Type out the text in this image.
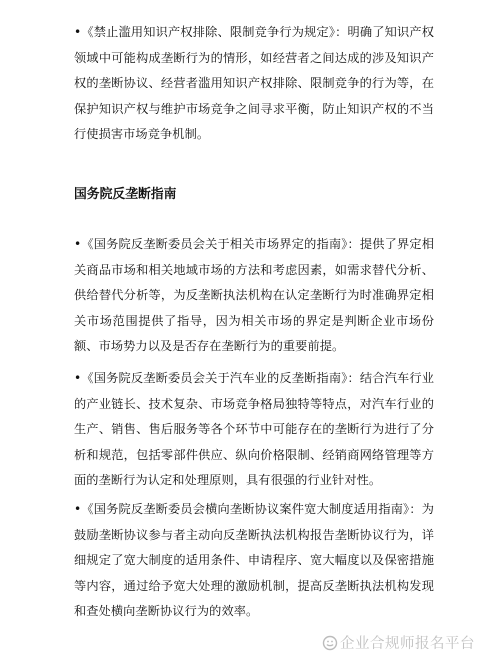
•《禁止滥用知识产权排除、限制竞争行为规定》：明确了知识产权领域中可能构成垄断行为的情形，如经营者之间达成的涉及知识产权的垄断协议、经营者滥用知识产权排除、限制竞争的行为等，在保护知识产权与维护市场竞争之间寻求平衡，防止知识产权的不当行使损害市场竞争机制。
国务院反垄断指南
•《国务院反垄断委员会关于相关市场界定的指南》：提供了界定相关商品市场和相关地域市场的方法和考虑因素，如需求替代分析、供给替代分析等，为反垄断执法机构在认定垄断行为时准确界定相关市场范围提供了指导，因为相关市场的界定是判断企业市场份额、市场势力以及是否存在垄断行为的重要前提。
•《国务院反垄断委员会关于汽车业的反垄断指南》：结合汽车行业的产业链长、技术复杂、市场竞争格局独特等特点，对汽车行业的生产、销售、售后服务等各个环节中可能存在的垄断行为进行了分析和规范，包括零部件供应、纵向价格限制、经销商网络管理等方面的垄断行为认定和处理原则，具有很强的行业针对性。
•《国务院反垄断委员会横向垄断协议案件宽大制度适用指南》：为鼓励垄断协议参与者主动向反垄断执法机构报告垄断协议行为，详细规定了宽大制度的适用条件、申请程序、宽大幅度以及保密措施等内容，通过给予宽大处理的激励机制，提高反垄断执法机构发现和查处横向垄断协议行为的效率。
企业合规师报名平台
